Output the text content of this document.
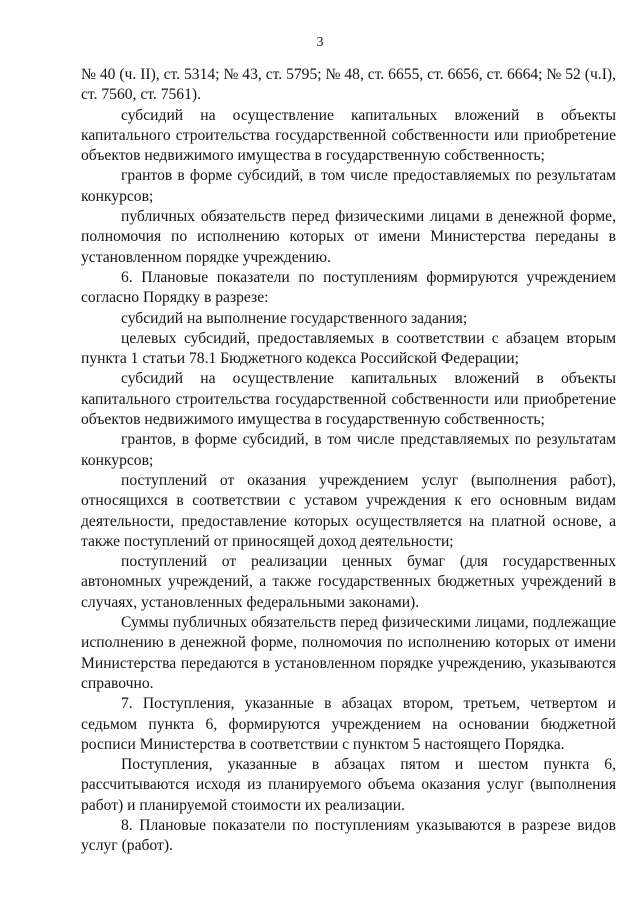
3

№ 40 (ч. II), ст. 5314; № 43, ст. 5795; № 48, ст. 6655, ст. 6656, ст. 6664; № 52 (ч.I), ст. 7560, ст. 7561).

субсидий на осуществление капитальных вложений в объекты капитального строительства государственной собственности или приобретение объектов недвижимого имущества в государственную собственность;

грантов в форме субсидий, в том числе предоставляемых по результатам конкурсов;

публичных обязательств перед физическими лицами в денежной форме, полномочия по исполнению которых от имени Министерства переданы в установленном порядке учреждению.

6. Плановые показатели по поступлениям формируются учреждением согласно Порядку в разрезе:

субсидий на выполнение государственного задания;

целевых субсидий, предоставляемых в соответствии с абзацем вторым пункта 1 статьи 78.1 Бюджетного кодекса Российской Федерации;

субсидий на осуществление капитальных вложений в объекты капитального строительства государственной собственности или приобретение объектов недвижимого имущества в государственную собственность;

грантов, в форме субсидий, в том числе представляемых по результатам конкурсов;

поступлений от оказания учреждением услуг (выполнения работ), относящихся в соответствии с уставом учреждения к его основным видам деятельности, предоставление которых осуществляется на платной основе, а также поступлений от приносящей доход деятельности;

поступлений от реализации ценных бумаг (для государственных автономных учреждений, а также государственных бюджетных учреждений в случаях, установленных федеральными законами).

Суммы публичных обязательств перед физическими лицами, подлежащие исполнению в денежной форме, полномочия по исполнению которых от имени Министерства передаются в установленном порядке учреждению, указываются справочно.

7. Поступления, указанные в абзацах втором, третьем, четвертом и седьмом пункта 6, формируются учреждением на основании бюджетной росписи Министерства в соответствии с пунктом 5 настоящего Порядка.

Поступления, указанные в абзацах пятом и шестом пункта 6, рассчитываются исходя из планируемого объема оказания услуг (выполнения работ) и планируемой стоимости их реализации.

8. Плановые показатели по поступлениям указываются в разрезе видов услуг (работ).
